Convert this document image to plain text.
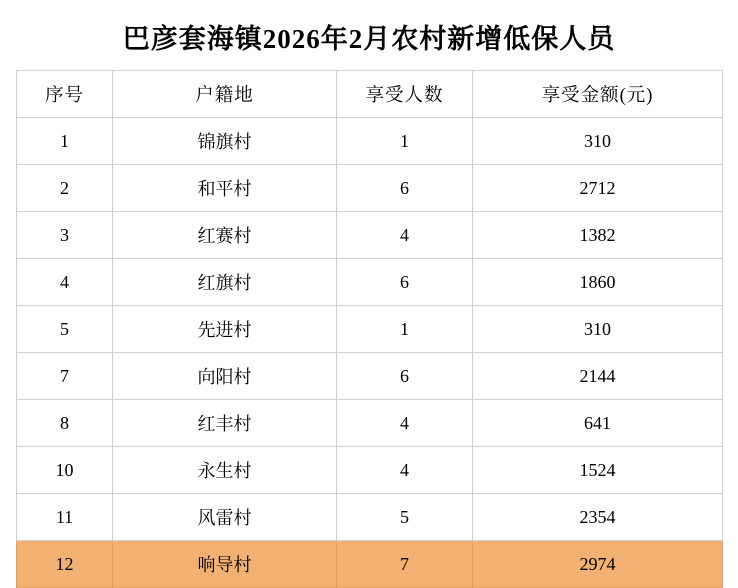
巴彦套海镇2026年2月农村新增低保人员
序号	户籍地	享受人数	享受金额(元)
1	锦旗村	1	310
2	和平村	6	2712
3	红赛村	4	1382
4	红旗村	6	1860
5	先进村	1	310
7	向阳村	6	2144
8	红丰村	4	641
10	永生村	4	1524
11	风雷村	5	2354
12	响导村	7	2974
